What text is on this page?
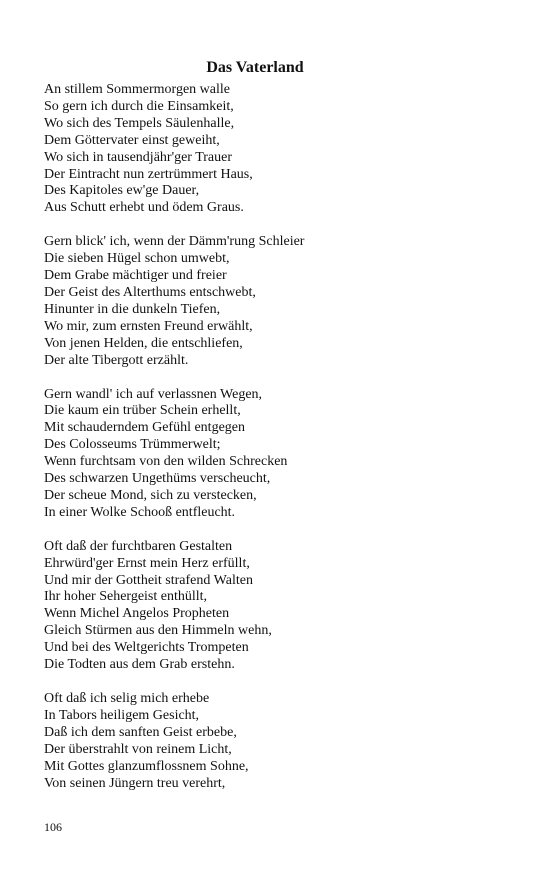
Das Vaterland
An stillem Sommermorgen walle
So gern ich durch die Einsamkeit,
Wo sich des Tempels Säulenhalle,
Dem Göttervater einst geweiht,
Wo sich in tausendjähr'ger Trauer
Der Eintracht nun zertrümmert Haus,
Des Kapitoles ew'ge Dauer,
Aus Schutt erhebt und ödem Graus.
Gern blick' ich, wenn der Dämm'rung Schleier
Die sieben Hügel schon umwebt,
Dem Grabe mächtiger und freier
Der Geist des Alterthums entschwebt,
Hinunter in die dunkeln Tiefen,
Wo mir, zum ernsten Freund erwählt,
Von jenen Helden, die entschliefen,
Der alte Tibergott erzählt.
Gern wandl' ich auf verlassnen Wegen,
Die kaum ein trüber Schein erhellt,
Mit schauderndem Gefühl entgegen
Des Colosseums Trümmerwelt;
Wenn furchtsam von den wilden Schrecken
Des schwarzen Ungethüms verscheucht,
Der scheue Mond, sich zu verstecken,
In einer Wolke Schooß entfleucht.
Oft daß der furchtbaren Gestalten
Ehrwürd'ger Ernst mein Herz erfüllt,
Und mir der Gottheit strafend Walten
Ihr hoher Sehergeist enthüllt,
Wenn Michel Angelos Propheten
Gleich Stürmen aus den Himmeln wehn,
Und bei des Weltgerichts Trompeten
Die Todten aus dem Grab erstehn.
Oft daß ich selig mich erhebe
In Tabors heiligem Gesicht,
Daß ich dem sanften Geist erbebe,
Der überstrahlt von reinem Licht,
Mit Gottes glanzumflossnem Sohne,
Von seinen Jüngern treu verehrt,
106
